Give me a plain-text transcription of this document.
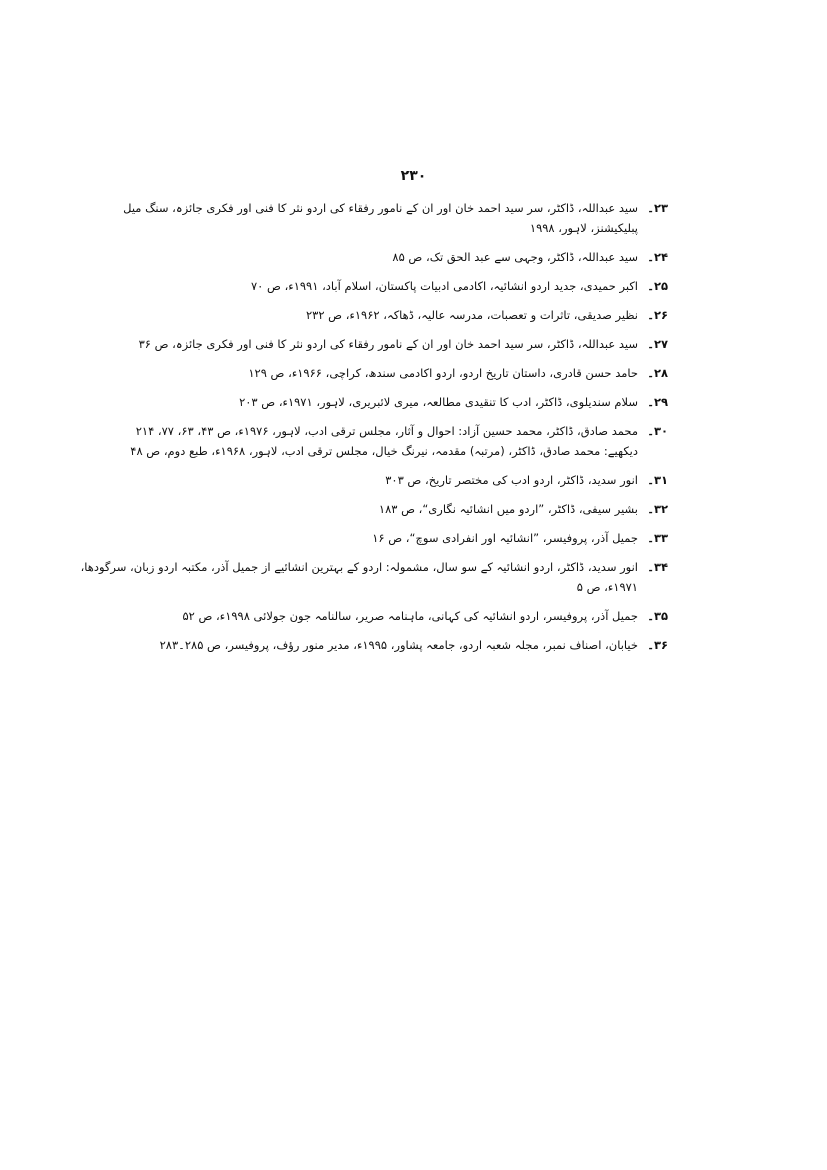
۲۳۰
۲۳۔
سید عبداللہ، ڈاکٹر، سر سید احمد خان اور ان کے نامور رفقاء کی اردو نثر کا فنی اور فکری جائزہ، سنگ میل
پبلیکیشنز، لاہور، ۱۹۹۸
۲۴۔
سید عبداللہ، ڈاکٹر، وجہی سے عبد الحق تک، ص ۸۵
۲۵۔
اکبر حمیدی، جدید اردو انشائیہ، اکادمی ادبیات پاکستان، اسلام آباد، ۱۹۹۱ء، ص ۷۰
۲۶۔
نظیر صدیقی، تاثرات و تعصبات، مدرسہ عالیہ، ڈھاکہ، ۱۹۶۲ء، ص ۲۳۲
۲۷۔
سید عبداللہ، ڈاکٹر، سر سید احمد خان اور ان کے نامور رفقاء کی اردو نثر کا فنی اور فکری جائزہ، ص ۳۶
۲۸۔
حامد حسن قادری، داستان تاریخ اردو، اردو اکادمی سندھ، کراچی، ۱۹۶۶ء، ص ۱۲۹
۲۹۔
سلام سندیلوی، ڈاکٹر، ادب کا تنقیدی مطالعہ، میری لائبریری، لاہور، ۱۹۷۱ء، ص ۲۰۳
۳۰۔
محمد صادق، ڈاکٹر، محمد حسین آزاد: احوال و آثار، مجلس ترقی ادب، لاہور، ۱۹۷۶ء، ص ۴۳، ۶۳، ۷۷، ۲۱۴
دیکھیے: محمد صادق، ڈاکٹر، (مرتبہ) مقدمہ، نیرنگ خیال، مجلس ترقی ادب، لاہور، ۱۹۶۸ء، طبع دوم، ص ۴۸
۳۱۔
انور سدید، ڈاکٹر، اردو ادب کی مختصر تاریخ، ص ۳۰۳
۳۲۔
بشیر سیفی، ڈاکٹر، ”اردو میں انشائیہ نگاری“، ص ۱۸۳
۳۳۔
جمیل آذر، پروفیسر، ”انشائیہ اور انفرادی سوچ“، ص ۱۶
۳۴۔
انور سدید، ڈاکٹر، اردو انشائیہ کے سو سال، مشمولہ: اردو کے بہترین انشائیے از جمیل آذر، مکتبہ اردو زبان، سرگودھا،
۱۹۷۱ء، ص ۵
۳۵۔
جمیل آذر، پروفیسر، اردو انشائیہ کی کہانی، ماہنامہ صریر، سالنامہ جون جولائی ۱۹۹۸ء، ص ۵۲
۳۶۔
خیابان، اصناف نمبر، مجلہ شعبہ اردو، جامعہ پشاور، ۱۹۹۵ء، مدیر منور رؤف، پروفیسر، ص ۲۸۵۔۲۸۳
